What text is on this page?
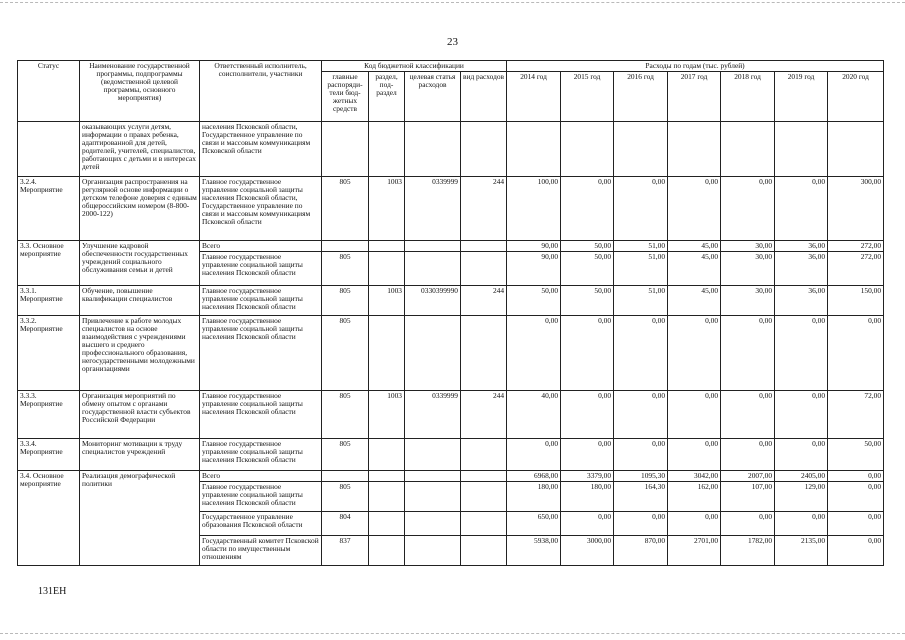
23
Статус	Наименование государственной программы, подпрограммы (ведомственной целевой программы, основного мероприятия)	Ответственный исполнитель, соисполнители, участники	Код бюджетной классификации				Расходы по годам (тыс. рублей)						
			главные распоряди-тели бюд-жетных средств	раздел, под-раздел	целевая статья расходов	вид расходов	2014 год	2015 год	2016 год	2017 год	2018 год	2019 год	2020 год
	оказывающих услуги детям, информации о правах ребенка, адаптированной для детей, родителей, учителей, специалистов, работающих с детьми и в интересах детей	населения Псковской области, Государственное управление по связи и массовым коммуникациям Псковской области											
3.2.4. Мероприятие	Организация распространения на регулярной основе информации о детском телефоне доверия с единым общероссийским номером (8-800-2000-122)	Главное государственное управление социальной защиты населения Псковской области, Государственное управление по связи и массовым коммуникациям Псковской области	805	1003	0339999	244	100,00	0,00	0,00	0,00	0,00	0,00	300,00
3.3. Основное мероприятие	Улучшение кадровой обеспеченности государственных учреждений социального обслуживания семьи и детей	Всего					90,00	50,00	51,00	45,00	30,00	36,00	272,00
		Главное государственное управление социальной защиты населения Псковской области	805				90,00	50,00	51,00	45,00	30,00	36,00	272,00
3.3.1. Мероприятие	Обучение, повышение квалификации специалистов	Главное государственное управление социальной защиты населения Псковской области	805	1003	0330399990	244	50,00	50,00	51,00	45,00	30,00	36,00	150,00
3.3.2. Мероприятие	Привлечение к работе молодых специалистов на основе взаимодействия с учреждениями высшего и среднего профессионального образования, негосударственными молодежными организациями	Главное государственное управление социальной защиты населения Псковской области	805				0,00	0,00	0,00	0,00	0,00	0,00	0,00
3.3.3. Мероприятие	Организация мероприятий по обмену опытом с органами государственной власти субъектов Российской Федерации	Главное государственное управление социальной защиты населения Псковской области	805	1003	0339999	244	40,00	0,00	0,00	0,00	0,00	0,00	72,00
3.3.4. Мероприятие	Мониторинг мотивации к труду специалистов учреждений	Главное государственное управление социальной защиты населения Псковской области	805				0,00	0,00	0,00	0,00	0,00	0,00	50,00
3.4. Основное мероприятие	Реализация демографической политики	Всего					6968,00	3379,00	1095,30	3042,00	2007,00	2405,00	0,00
		Главное государственное управление социальной защиты населения Псковской области	805				180,00	180,00	164,30	162,00	107,00	129,00	0,00
		Государственное управление образования Псковской области	804				650,00	0,00	0,00	0,00	0,00	0,00	0,00
		Государственный комитет Псковской области по имущественным отношениям	837				5938,00	3000,00	870,00	2701,00	1782,00	2135,00	0,00
131EH
